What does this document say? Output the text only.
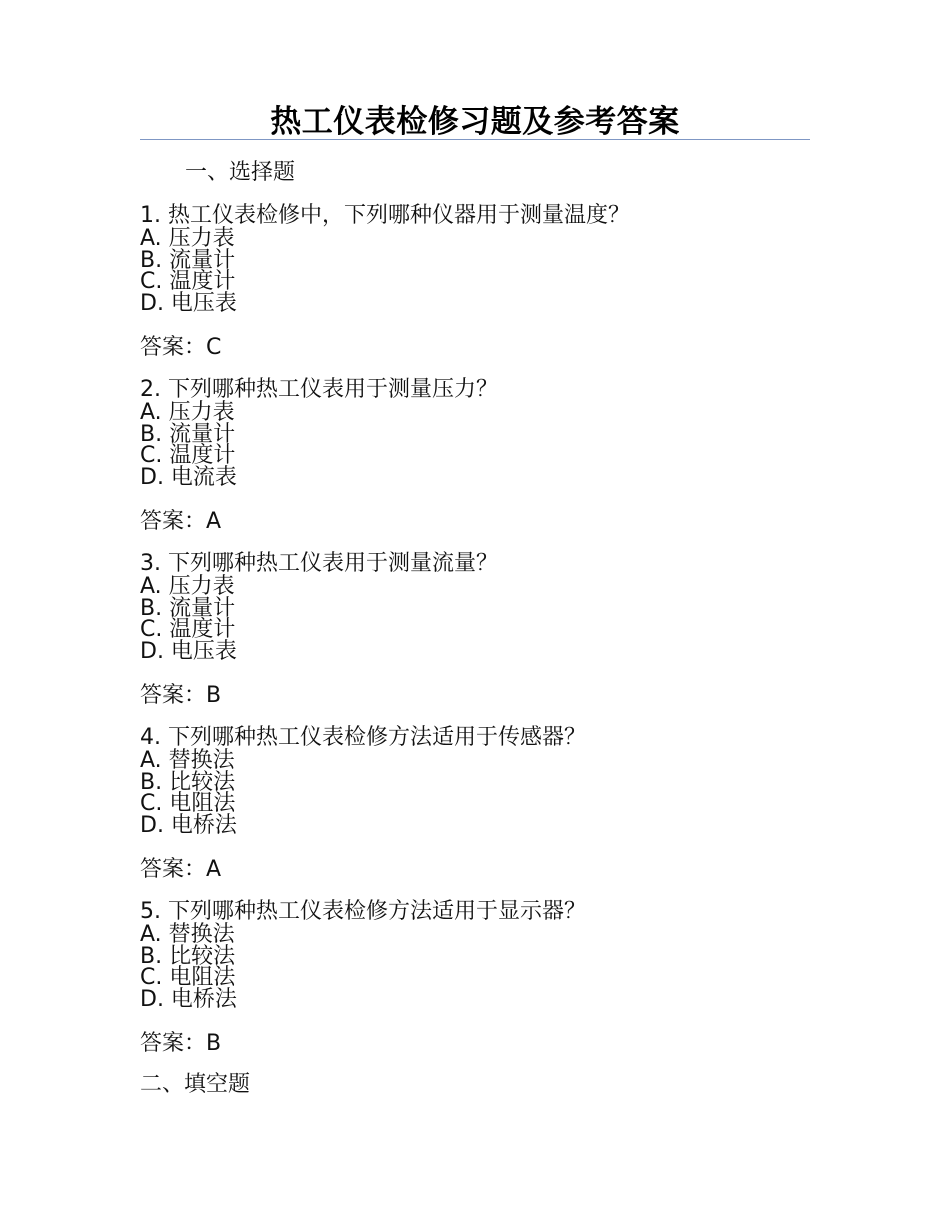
热工仪表检修习题及参考答案
一、选择题
1. 热工仪表检修中，下列哪种仪器用于测量温度？
A. 压力表
B. 流量计
C. 温度计
D. 电压表
答案：C
2. 下列哪种热工仪表用于测量压力？
A. 压力表
B. 流量计
C. 温度计
D. 电流表
答案：A
3. 下列哪种热工仪表用于测量流量？
A. 压力表
B. 流量计
C. 温度计
D. 电压表
答案：B
4. 下列哪种热工仪表检修方法适用于传感器？
A. 替换法
B. 比较法
C. 电阻法
D. 电桥法
答案：A
5. 下列哪种热工仪表检修方法适用于显示器？
A. 替换法
B. 比较法
C. 电阻法
D. 电桥法
答案：B
二、填空题
